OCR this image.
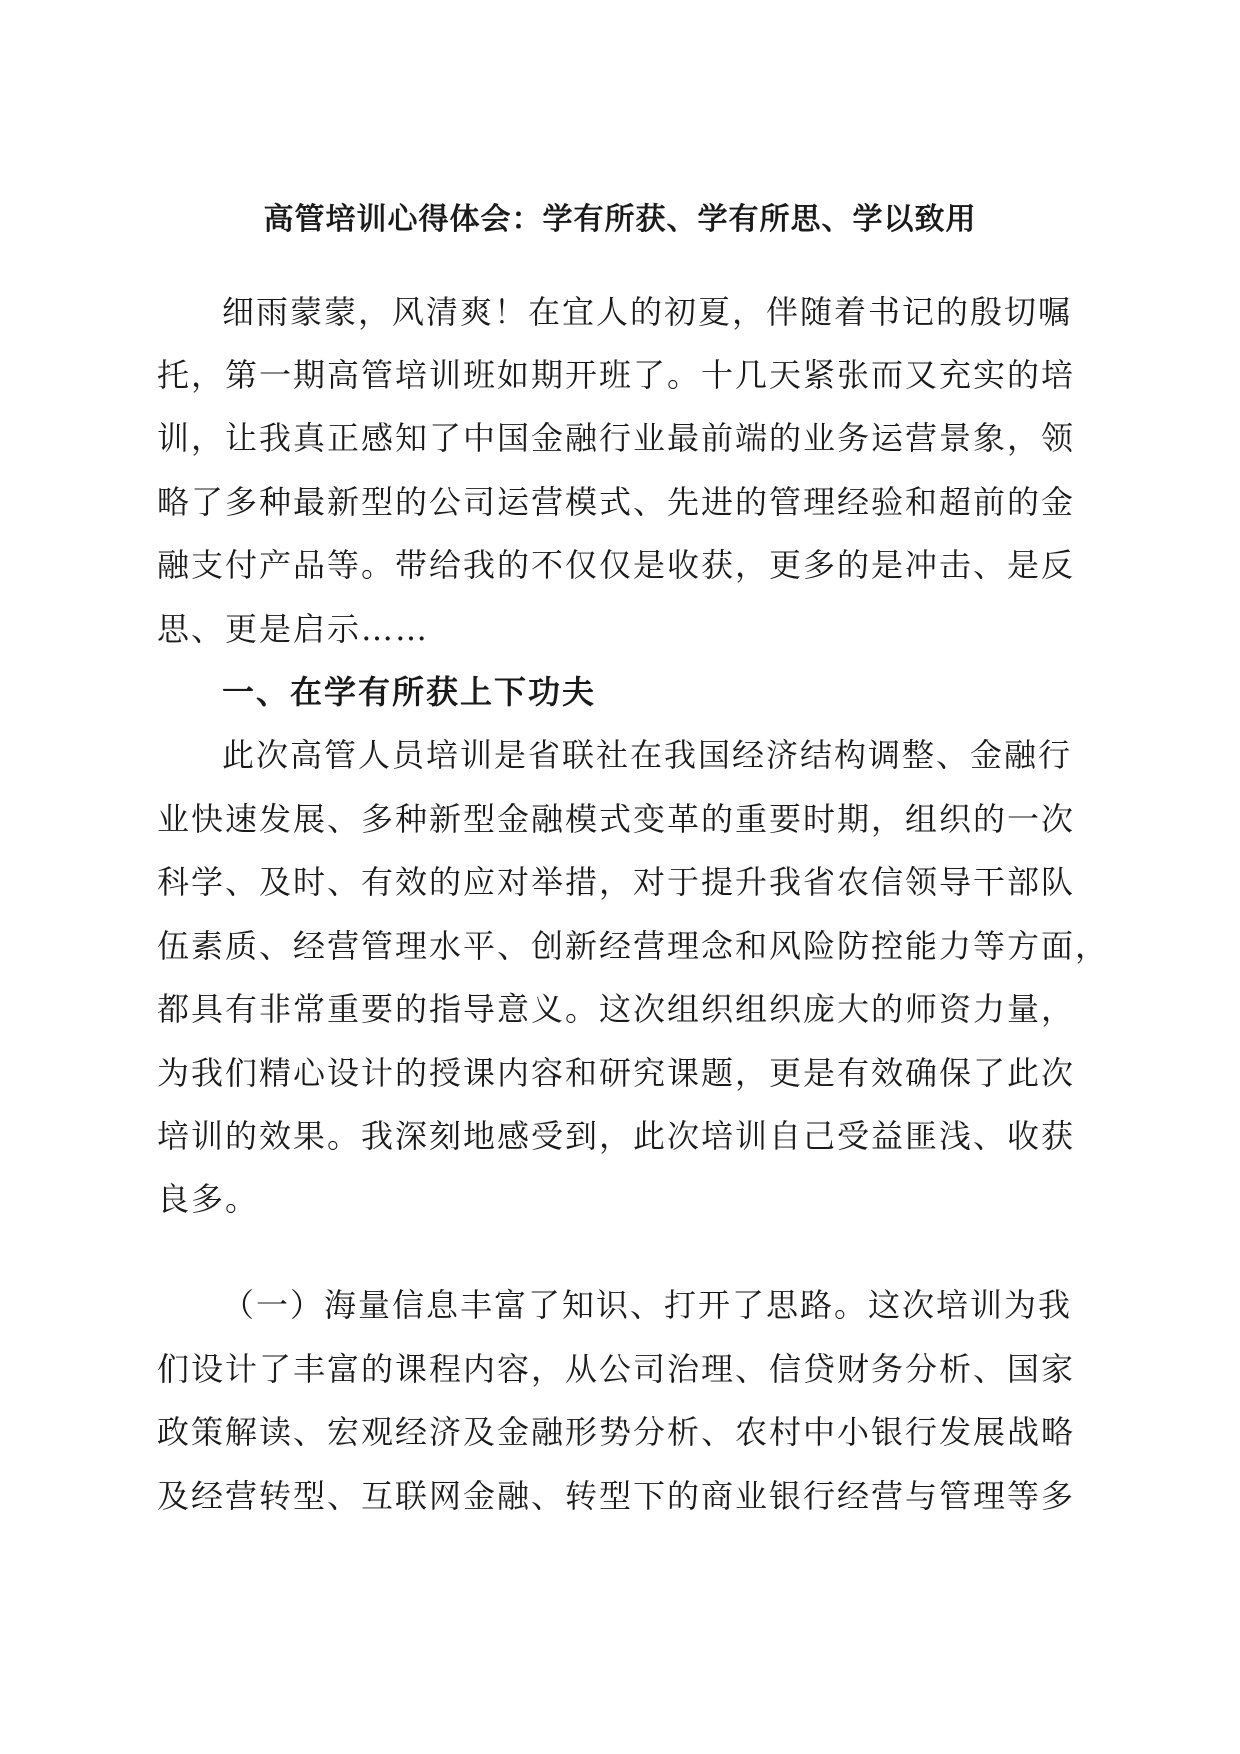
高管培训心得体会：学有所获、学有所思、学以致用

细雨蒙蒙，风清爽！在宜人的初夏，伴随着书记的殷切嘱

托，第一期高管培训班如期开班了。十几天紧张而又充实的培

训，让我真正感知了中国金融行业最前端的业务运营景象，领

略了多种最新型的公司运营模式、先进的管理经验和超前的金

融支付产品等。带给我的不仅仅是收获，更多的是冲击、是反

思、更是启示……

一、在学有所获上下功夫

此次高管人员培训是省联社在我国经济结构调整、金融行

业快速发展、多种新型金融模式变革的重要时期，组织的一次

科学、及时、有效的应对举措，对于提升我省农信领导干部队

伍素质、经营管理水平、创新经营理念和风险防控能力等方面，

都具有非常重要的指导意义。这次组织组织庞大的师资力量，

为我们精心设计的授课内容和研究课题，更是有效确保了此次

培训的效果。我深刻地感受到，此次培训自己受益匪浅、收获

良多。

（一）海量信息丰富了知识、打开了思路。这次培训为我

们设计了丰富的课程内容，从公司治理、信贷财务分析、国家

政策解读、宏观经济及金融形势分析、农村中小银行发展战略

及经营转型、互联网金融、转型下的商业银行经营与管理等多
